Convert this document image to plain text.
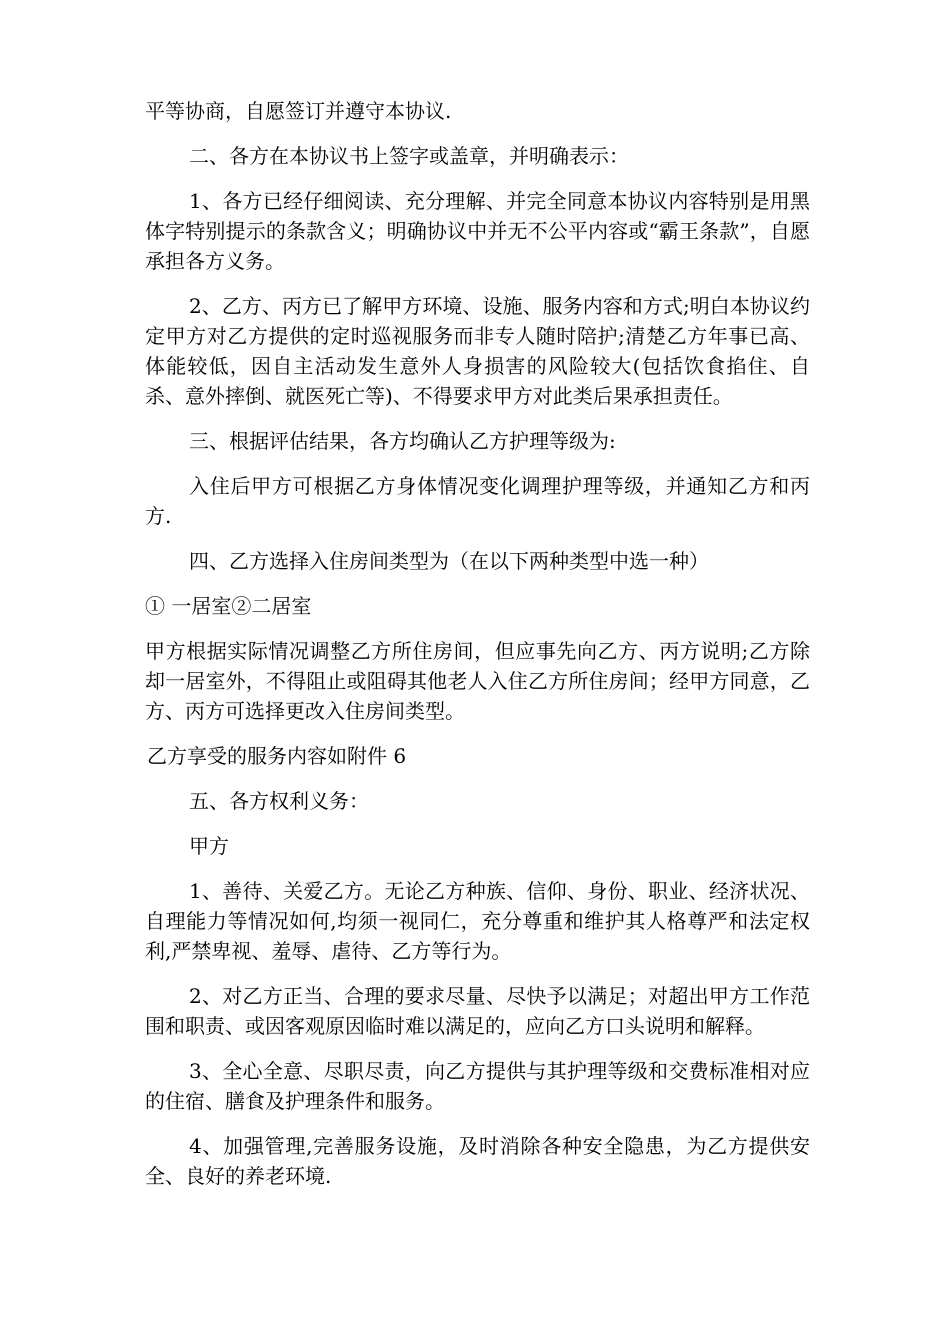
平等协商，自愿签订并遵守本协议.

二、各方在本协议书上签字或盖章，并明确表示：

1、各方已经仔细阅读、充分理解、并完全同意本协议内容特别是用黑体字特别提示的条款含义；明确协议中并无不公平内容或“霸王条款”，自愿承担各方义务。

2、乙方、丙方已了解甲方环境、设施、服务内容和方式;明白本协议约定甲方对乙方提供的定时巡视服务而非专人随时陪护;清楚乙方年事已高、体能较低，因自主活动发生意外人身损害的风险较大(包括饮食掐住、自杀、意外摔倒、就医死亡等)、不得要求甲方对此类后果承担责任。

三、根据评估结果，各方均确认乙方护理等级为:

入住后甲方可根据乙方身体情况变化调理护理等级，并通知乙方和丙方.

四、乙方选择入住房间类型为（在以下两种类型中选一种）

① 一居室②二居室

甲方根据实际情况调整乙方所住房间，但应事先向乙方、丙方说明;乙方除却一居室外，不得阻止或阻碍其他老人入住乙方所住房间；经甲方同意，乙方、丙方可选择更改入住房间类型。

乙方享受的服务内容如附件 6

五、各方权利义务：

甲方

1、善待、关爱乙方。无论乙方种族、信仰、身份、职业、经济状况、自理能力等情况如何,均须一视同仁，充分尊重和维护其人格尊严和法定权利,严禁卑视、羞辱、虐待、乙方等行为。

2、对乙方正当、合理的要求尽量、尽快予以满足；对超出甲方工作范围和职责、或因客观原因临时难以满足的，应向乙方口头说明和解释。

3、全心全意、尽职尽责，向乙方提供与其护理等级和交费标准相对应的住宿、膳食及护理条件和服务。

4、加强管理,完善服务设施，及时消除各种安全隐患，为乙方提供安全、良好的养老环境.
